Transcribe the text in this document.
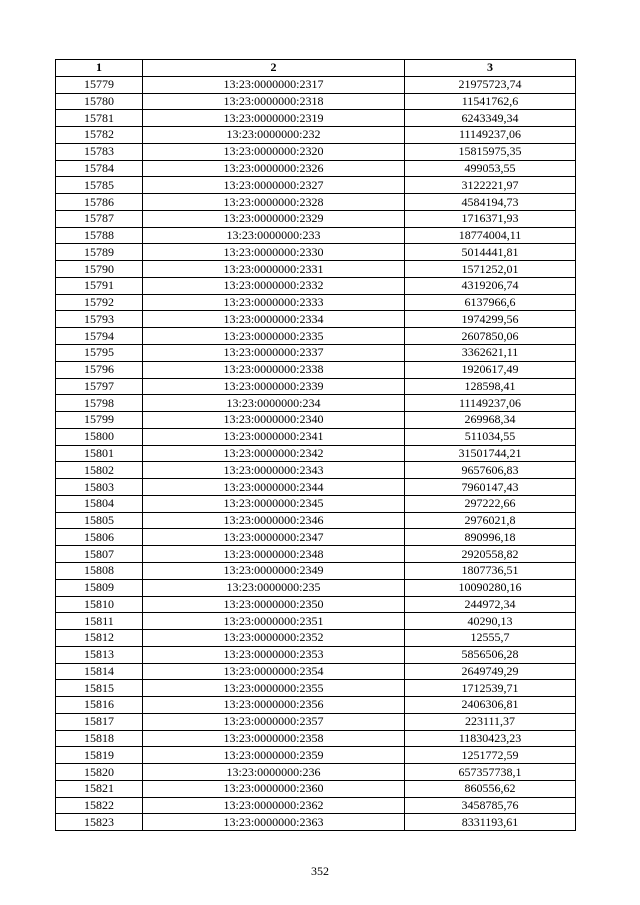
1	2	3
15779	13:23:0000000:2317	21975723,74
15780	13:23:0000000:2318	11541762,6
15781	13:23:0000000:2319	6243349,34
15782	13:23:0000000:232	11149237,06
15783	13:23:0000000:2320	15815975,35
15784	13:23:0000000:2326	499053,55
15785	13:23:0000000:2327	3122221,97
15786	13:23:0000000:2328	4584194,73
15787	13:23:0000000:2329	1716371,93
15788	13:23:0000000:233	18774004,11
15789	13:23:0000000:2330	5014441,81
15790	13:23:0000000:2331	1571252,01
15791	13:23:0000000:2332	4319206,74
15792	13:23:0000000:2333	6137966,6
15793	13:23:0000000:2334	1974299,56
15794	13:23:0000000:2335	2607850,06
15795	13:23:0000000:2337	3362621,11
15796	13:23:0000000:2338	1920617,49
15797	13:23:0000000:2339	128598,41
15798	13:23:0000000:234	11149237,06
15799	13:23:0000000:2340	269968,34
15800	13:23:0000000:2341	511034,55
15801	13:23:0000000:2342	31501744,21
15802	13:23:0000000:2343	9657606,83
15803	13:23:0000000:2344	7960147,43
15804	13:23:0000000:2345	297222,66
15805	13:23:0000000:2346	2976021,8
15806	13:23:0000000:2347	890996,18
15807	13:23:0000000:2348	2920558,82
15808	13:23:0000000:2349	1807736,51
15809	13:23:0000000:235	10090280,16
15810	13:23:0000000:2350	244972,34
15811	13:23:0000000:2351	40290,13
15812	13:23:0000000:2352	12555,7
15813	13:23:0000000:2353	5856506,28
15814	13:23:0000000:2354	2649749,29
15815	13:23:0000000:2355	1712539,71
15816	13:23:0000000:2356	2406306,81
15817	13:23:0000000:2357	223111,37
15818	13:23:0000000:2358	11830423,23
15819	13:23:0000000:2359	1251772,59
15820	13:23:0000000:236	657357738,1
15821	13:23:0000000:2360	860556,62
15822	13:23:0000000:2362	3458785,76
15823	13:23:0000000:2363	8331193,61
352
